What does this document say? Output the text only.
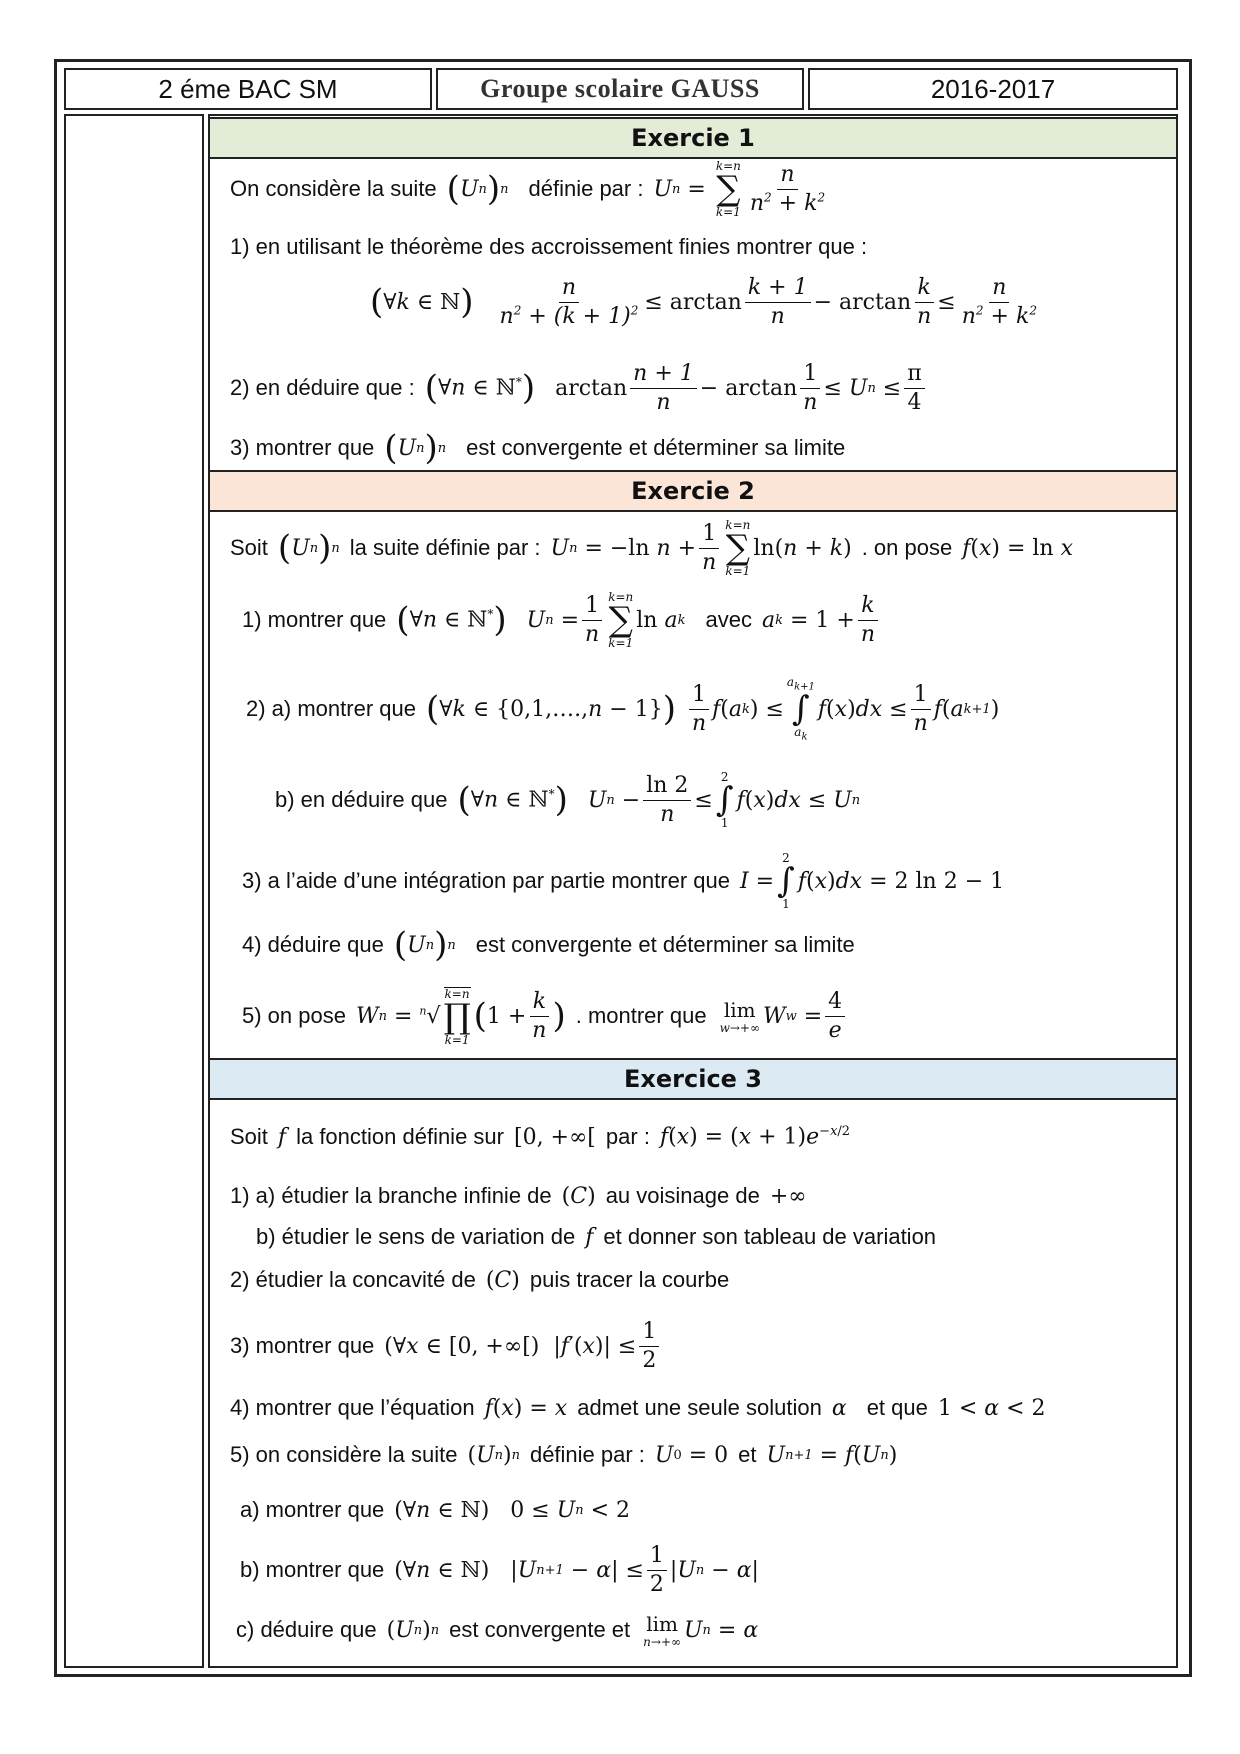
2 éme BAC SM	Groupe scolaire GAUSS	2016-2017
Exercie 1
On considère la suite ( U n ) n définie par : U n =
k=n
∑
$k=1 \frac{n}{n^2 + k^2}$
1) en utilisant le théorème des accroissement finies montrer que :
( ∀k ∈ ℕ ) $\frac{n}{n^2 + (k + 1)^2} \le \arctan \frac{k + 1}{n} - \arctan \frac{k}{n} \le \frac{n}{n^2 + k^2}$
2) en déduire que : ( ∀n ∈ ℕ* ) $\arctan \frac{n + 1}{n} - \arctan \frac{1}{n} \le U$ $n \le \frac{\pi}{4}$
3) montrer que ( U n ) n est convergente et déterminer sa limite
Exercie 2
Soit ( U n ) n la suite définie par : U n = −ln $n + \frac{1}{n} k=n$
∑
k=1
ln(n + k) . on pose f(x) = ln x
1) montrer que ( ∀n ∈ ℕ* ) U $n = \frac{1}{n} k=n$
∑
k=1
ln a k avec a $k = 1 + \frac{k}{n}$
2) a) montrer que ( ∀k ∈ {0,1,….,n − 1} ) $\frac{1}{n} f(a$ k ) ≤
$a_{k+1}$
∫
$a_k$
$f(x)dx \le \frac{1}{n} f(a$ k+1 )
b) en déduire que ( ∀n ∈ ℕ* ) U $n - \frac{\ln 2}{n}$ ≤
2
∫
1
f(x)dx ≤ U n
3) a l’aide d’une intégration par partie montrer que I =
2
∫
1
f(x)dx = 2 ln 2 − 1
4) déduire que ( U n ) n est convergente et déterminer sa limite
5) on pose W n = $^n$√
k=n
∏
k=1
( $1 + \frac{k}{n}$ ) . montrer que lim
w→+∞ W $w = \frac{4}{e}$
Exercice 3
Soit f la fonction définie sur [0, +∞[ par : $f(x) = (x + 1)e^{-x/2}$
1) a) étudier la branche infinie de (C) au voisinage de +∞
b) étudier le sens de variation de f et donner son tableau de variation
2) étudier la concavité de (C) puis tracer la courbe
3) montrer que (∀x ∈ [0, +∞[)  $|f'(x)| \le \frac{1}{2}$
4) montrer que l’équation f(x) = x admet une seule solution α et que 1 < α < 2
5) on considère la suite (U n ) n définie par : U 0 = 0 et U n+1 = f(U n )
a) montrer que (∀n ∈ ℕ)   0 ≤ U n < 2
b) montrer que (∀n ∈ ℕ)   |U $n+1 - \alpha| \le \frac{1}{2} |U$ n − α|
c) déduire que (U n ) n est convergente et lim
n→+∞ U n = α
